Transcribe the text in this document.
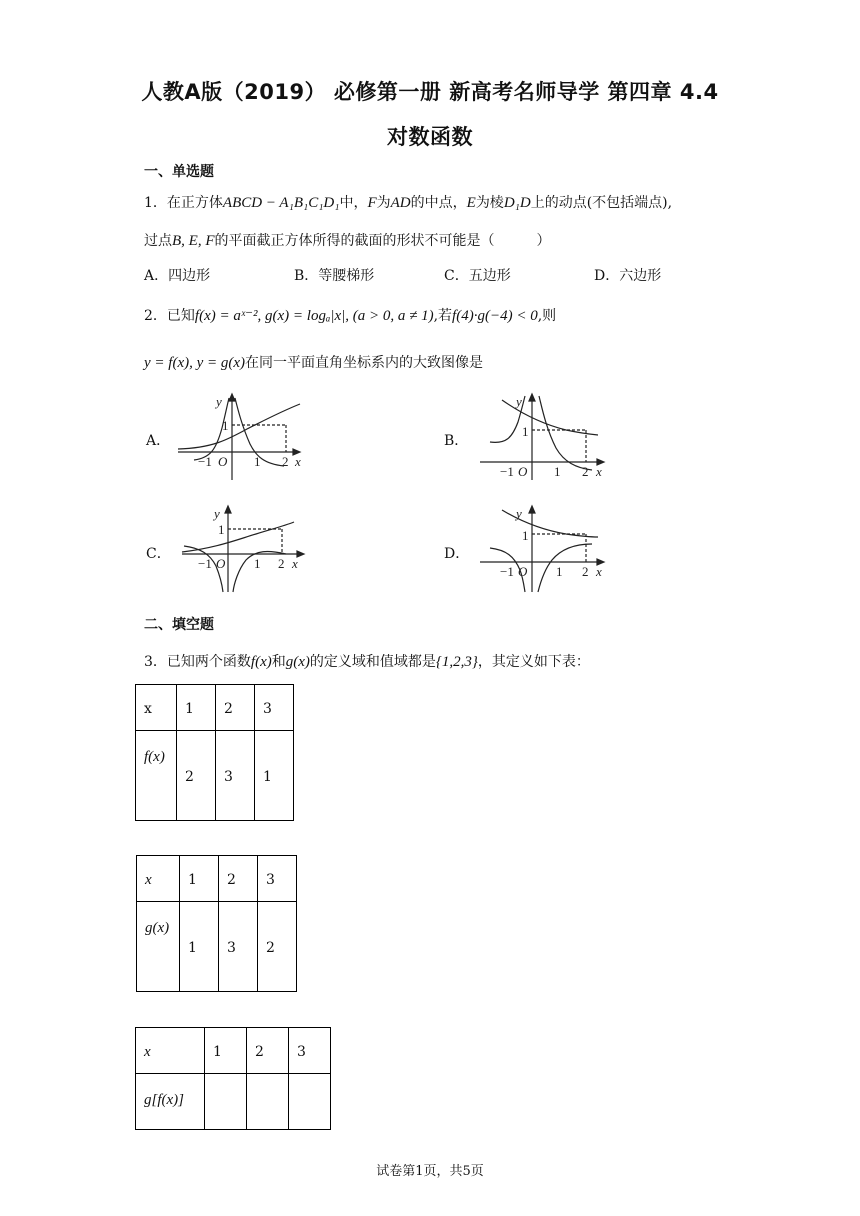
人教A版（2019） 必修第一册 新高考名师导学 第四章 4.4
对数函数
一、单选题
1．在正方体ABCD − A₁B₁C₁D₁中，F为AD的中点，E为棱D₁D上的动点(不包括端点),
过点B, E, F的平面截正方体所得的截面的形状不可能是（　　　）
A．四边形	B．等腰梯形	C．五边形	D．六边形
2．已知f(x) = aˣ⁻², g(x) = logₐ|x|, (a > 0, a ≠ 1),若f(4)·g(−4) < 0,则
y = f(x), y = g(x)在同一平面直角坐标系内的大致图像是
A．	B．
C．	D．
y
1
−1 O 1 2 x
y
1
−1 O 1 2 x
y
1
−1 O 1 2 x
y
1
−1 O 1 2 x
二、填空题
3．已知两个函数f(x)和g(x)的定义域和值域都是{1,2,3}，其定义如下表：
x	1	2	3

f(x)	2	3	1
x	1	2	3

g(x)	1	3	2
x	1	2	3

g[f(x)]			

试卷第1页，共5页
